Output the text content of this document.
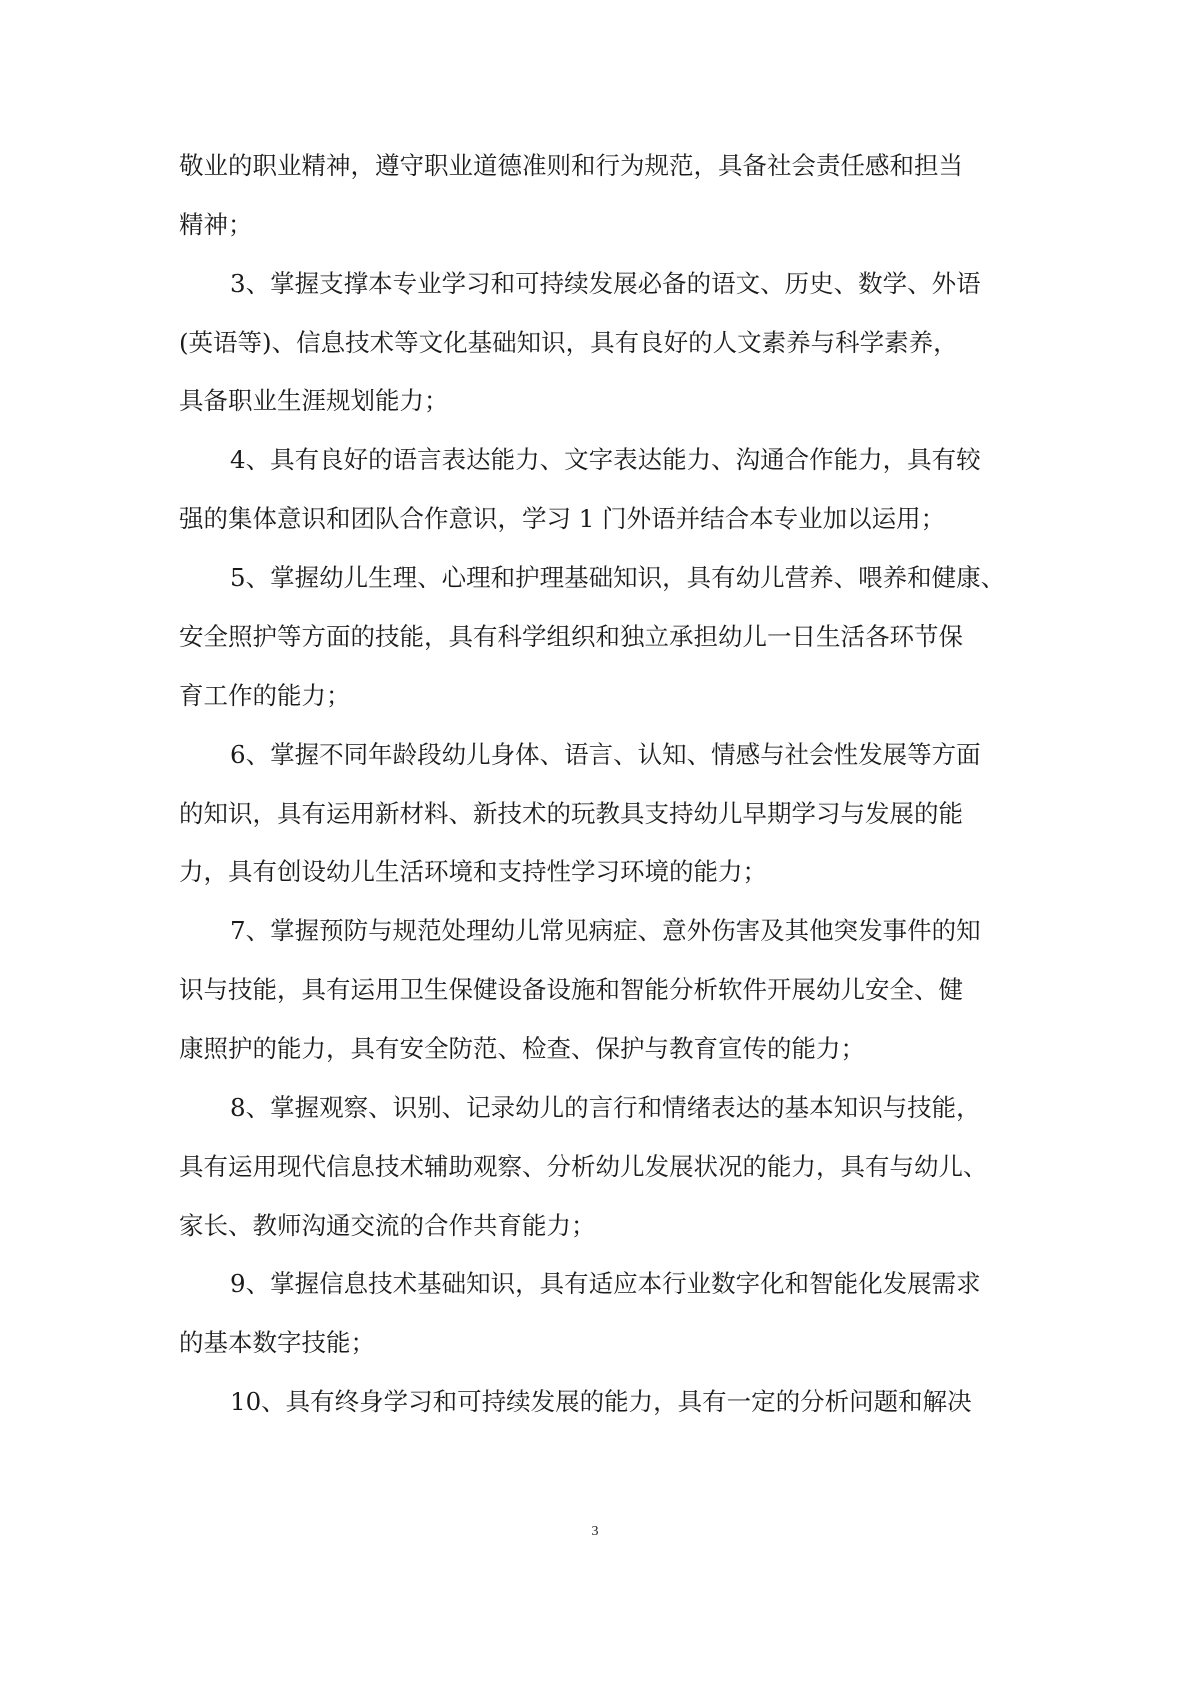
敬业的职业精神，遵守职业道德准则和行为规范，具备社会责任感和担当
精神；
3、掌握支撑本专业学习和可持续发展必备的语文、历史、数学、外语
(英语等)、信息技术等文化基础知识，具有良好的人文素养与科学素养，
具备职业生涯规划能力；
4、具有良好的语言表达能力、文字表达能力、沟通合作能力，具有较
强的集体意识和团队合作意识，学习 1 门外语并结合本专业加以运用；
5、掌握幼儿生理、心理和护理基础知识，具有幼儿营养、喂养和健康、
安全照护等方面的技能，具有科学组织和独立承担幼儿一日生活各环节保
育工作的能力；
6、掌握不同年龄段幼儿身体、语言、认知、情感与社会性发展等方面
的知识，具有运用新材料、新技术的玩教具支持幼儿早期学习与发展的能
力，具有创设幼儿生活环境和支持性学习环境的能力；
7、掌握预防与规范处理幼儿常见病症、意外伤害及其他突发事件的知
识与技能，具有运用卫生保健设备设施和智能分析软件开展幼儿安全、健
康照护的能力，具有安全防范、检查、保护与教育宣传的能力；
8、掌握观察、识别、记录幼儿的言行和情绪表达的基本知识与技能，
具有运用现代信息技术辅助观察、分析幼儿发展状况的能力，具有与幼儿、
家长、教师沟通交流的合作共育能力；
9、掌握信息技术基础知识，具有适应本行业数字化和智能化发展需求
的基本数字技能；
10、具有终身学习和可持续发展的能力，具有一定的分析问题和解决
3
